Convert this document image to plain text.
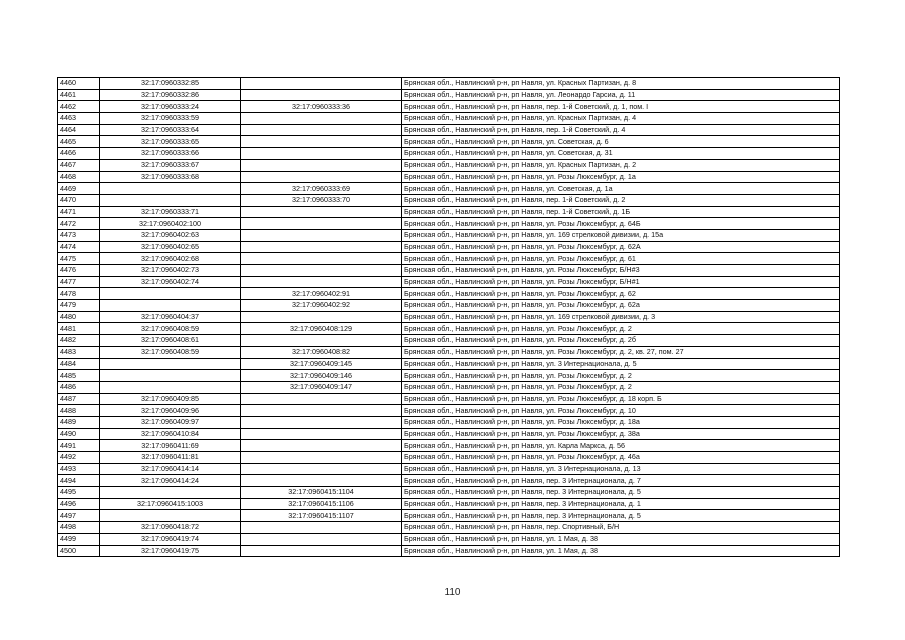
4460	32:17:0960332:85		Брянская обл., Навлинский р-н, рп Навля, ул. Красных Партизан, д. 8
4461	32:17:0960332:86		Брянская обл., Навлинский р-н, рп Навля, ул. Леонардо Гарсиа, д. 11
4462	32:17:0960333:24	32:17:0960333:36	Брянская обл., Навлинский р-н, рп Навля, пер. 1-й Советский, д. 1, пом. I
4463	32:17:0960333:59		Брянская обл., Навлинский р-н, рп Навля, ул. Красных Партизан, д. 4
4464	32:17:0960333:64		Брянская обл., Навлинский р-н, рп Навля, пер. 1-й Советский, д. 4
4465	32:17:0960333:65		Брянская обл., Навлинский р-н, рп Навля, ул. Советская, д. 6
4466	32:17:0960333:66		Брянская обл., Навлинский р-н, рп Навля, ул. Советская, д. 31
4467	32:17:0960333:67		Брянская обл., Навлинский р-н, рп Навля, ул. Красных Партизан, д. 2
4468	32:17:0960333:68		Брянская обл., Навлинский р-н, рп Навля, ул. Розы Люксембург, д. 1а
4469		32:17:0960333:69	Брянская обл., Навлинский р-н, рп Навля, ул. Советская, д. 1а
4470		32:17:0960333:70	Брянская обл., Навлинский р-н, рп Навля, пер. 1-й Советский, д. 2
4471	32:17:0960333:71		Брянская обл., Навлинский р-н, рп Навля, пер. 1-й Советский, д. 1Б
4472	32:17:0960402:100		Брянская обл., Навлинский р-н, рп Навля, ул. Розы Люксембург, д. 64Б
4473	32:17:0960402:63		Брянская обл., Навлинский р-н, рп Навля, ул. 169 стрелковой дивизии, д. 15а
4474	32:17:0960402:65		Брянская обл., Навлинский р-н, рп Навля, ул. Розы Люксембург, д. 62А
4475	32:17:0960402:68		Брянская обл., Навлинский р-н, рп Навля, ул. Розы Люксембург, д. 61
4476	32:17:0960402:73		Брянская обл., Навлинский р-н, рп Навля, ул. Розы Люксембург, Б/Н#3
4477	32:17:0960402:74		Брянская обл., Навлинский р-н, рп Навля, ул. Розы Люксембург, Б/Н#1
4478		32:17:0960402:91	Брянская обл., Навлинский р-н, рп Навля, ул. Розы Люксембург, д. 62
4479		32:17:0960402:92	Брянская обл., Навлинский р-н, рп Навля, ул. Розы Люксембург, д. 62а
4480	32:17:0960404:37		Брянская обл., Навлинский р-н, рп Навля, ул. 169 стрелковой дивизии, д. 3
4481	32:17:0960408:59	32:17:0960408:129	Брянская обл., Навлинский р-н, рп Навля, ул. Розы Люксембург, д. 2
4482	32:17:0960408:61		Брянская обл., Навлинский р-н, рп Навля, ул. Розы Люксембург, д. 2б
4483	32:17:0960408:59	32:17:0960408:82	Брянская обл., Навлинский р-н, рп Навля, ул. Розы Люксембург, д. 2, кв. 27, пом. 27
4484		32:17:0960409:145	Брянская обл., Навлинский р-н, рп Навля, ул. 3 Интернационала, д. 5
4485		32:17:0960409:146	Брянская обл., Навлинский р-н, рп Навля, ул. Розы Люксембург, д. 2
4486		32:17:0960409:147	Брянская обл., Навлинский р-н, рп Навля, ул. Розы Люксембург, д. 2
4487	32:17:0960409:85		Брянская обл., Навлинский р-н, рп Навля, ул. Розы Люксембург, д. 18 корп. Б
4488	32:17:0960409:96		Брянская обл., Навлинский р-н, рп Навля, ул. Розы Люксембург, д. 10
4489	32:17:0960409:97		Брянская обл., Навлинский р-н, рп Навля, ул. Розы Люксембург, д. 18а
4490	32:17:0960410:84		Брянская обл., Навлинский р-н, рп Навля, ул. Розы Люксембург, д. 38а
4491	32:17:0960411:69		Брянская обл., Навлинский р-н, рп Навля, ул. Карла Маркса, д. 56
4492	32:17:0960411:81		Брянская обл., Навлинский р-н, рп Навля, ул. Розы Люксембург, д. 46а
4493	32:17:0960414:14		Брянская обл., Навлинский р-н, рп Навля, ул. 3 Интернационала, д. 13
4494	32:17:0960414:24		Брянская обл., Навлинский р-н, рп Навля, пер. 3 Интернационала, д. 7
4495		32:17:0960415:1104	Брянская обл., Навлинский р-н, рп Навля, пер. 3 Интернационала, д. 5
4496	32:17:0960415:1003	32:17:0960415:1106	Брянская обл., Навлинский р-н, рп Навля, пер. 3 Интернационала, д. 1
4497		32:17:0960415:1107	Брянская обл., Навлинский р-н, рп Навля, пер. 3 Интернационала, д. 5
4498	32:17:0960418:72		Брянская обл., Навлинский р-н, рп Навля, пер. Спортивный, Б/Н
4499	32:17:0960419:74		Брянская обл., Навлинский р-н, рп Навля, ул. 1 Мая, д. 38
4500	32:17:0960419:75		Брянская обл., Навлинский р-н, рп Навля, ул. 1 Мая, д. 38
110
